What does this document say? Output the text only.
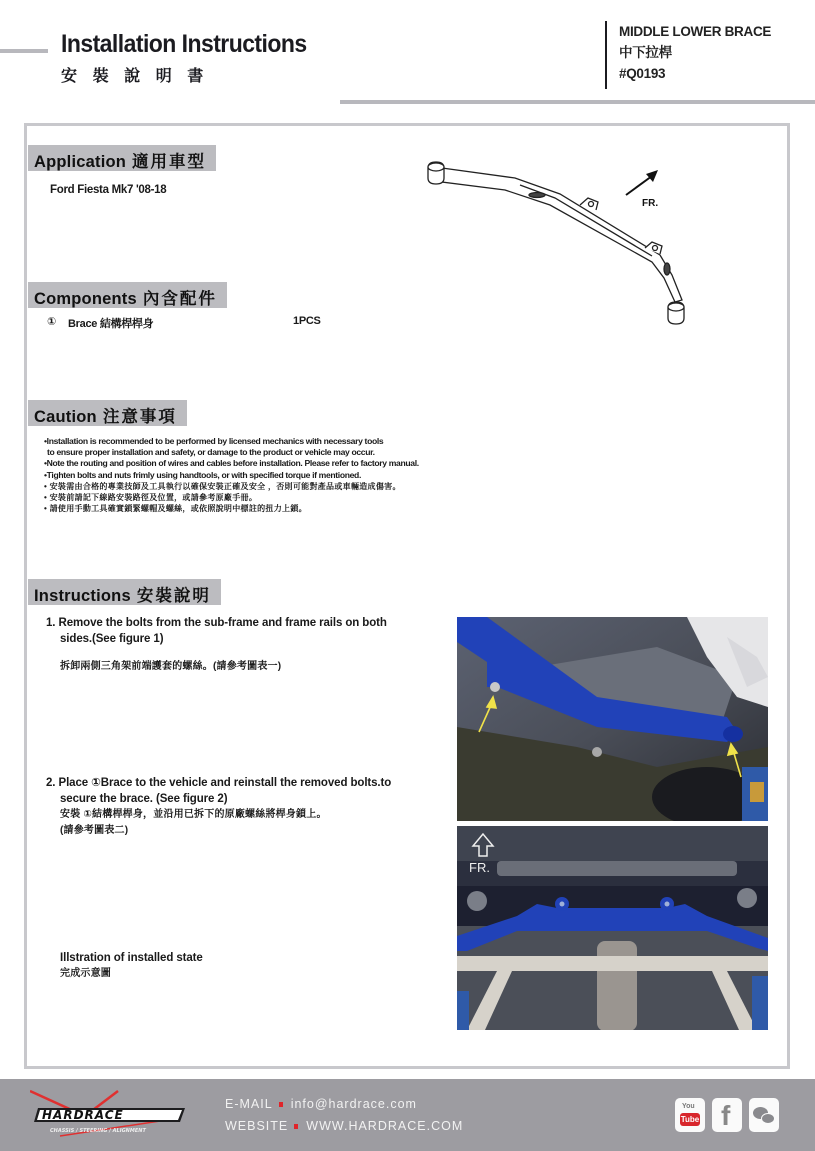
Installation Instructions
安 裝 說 明 書
MIDDLE LOWER BRACE
中下拉桿
#Q0193
Application 適用車型
Ford Fiesta Mk7 '08-18
FR.
Components 內含配件
① Brace 結構桿桿身	1PCS
Caution 注意事項

•Installation is recommended to be performed by licensed mechanics with necessary tools

to ensure proper installation and safety, or damage to the product or vehicle may occur.

•Note the routing and position of wires and cables before installation. Please refer to factory manual.

•Tighten bolts and nuts frimly using handtools, or with specified torque if mentioned.

• 安裝需由合格的專業技師及工具執行以確保安裝正確及安全 ，否則可能對產品或車輛造成傷害。

• 安裝前請記下線路安裝路徑及位置，或請參考原廠手冊。

• 請使用手動工具確實鎖緊螺帽及螺絲，或依照說明中標註的扭力上鎖。

Instructions 安裝說明
1. Remove the bolts from the sub-frame and frame rails on both
sides.(See figure 1)
拆卸兩側三角架前端護套的螺絲。(請參考圖表一)
2. Place ①Brace to the vehicle and reinstall the removed bolts.to
secure the brace. (See figure 2)
安裝 ①結構桿桿身，並沿用已拆下的原廠螺絲將桿身鎖上。
(請參考圖表二)
Illstration of installed state
完成示意圖
FR.
HARDRACE
CHASSIS / STEERING / ALIGNMENT
E-MAIL info@hardrace.com
WEBSITE WWW.HARDRACE.COM
You
Tube f
